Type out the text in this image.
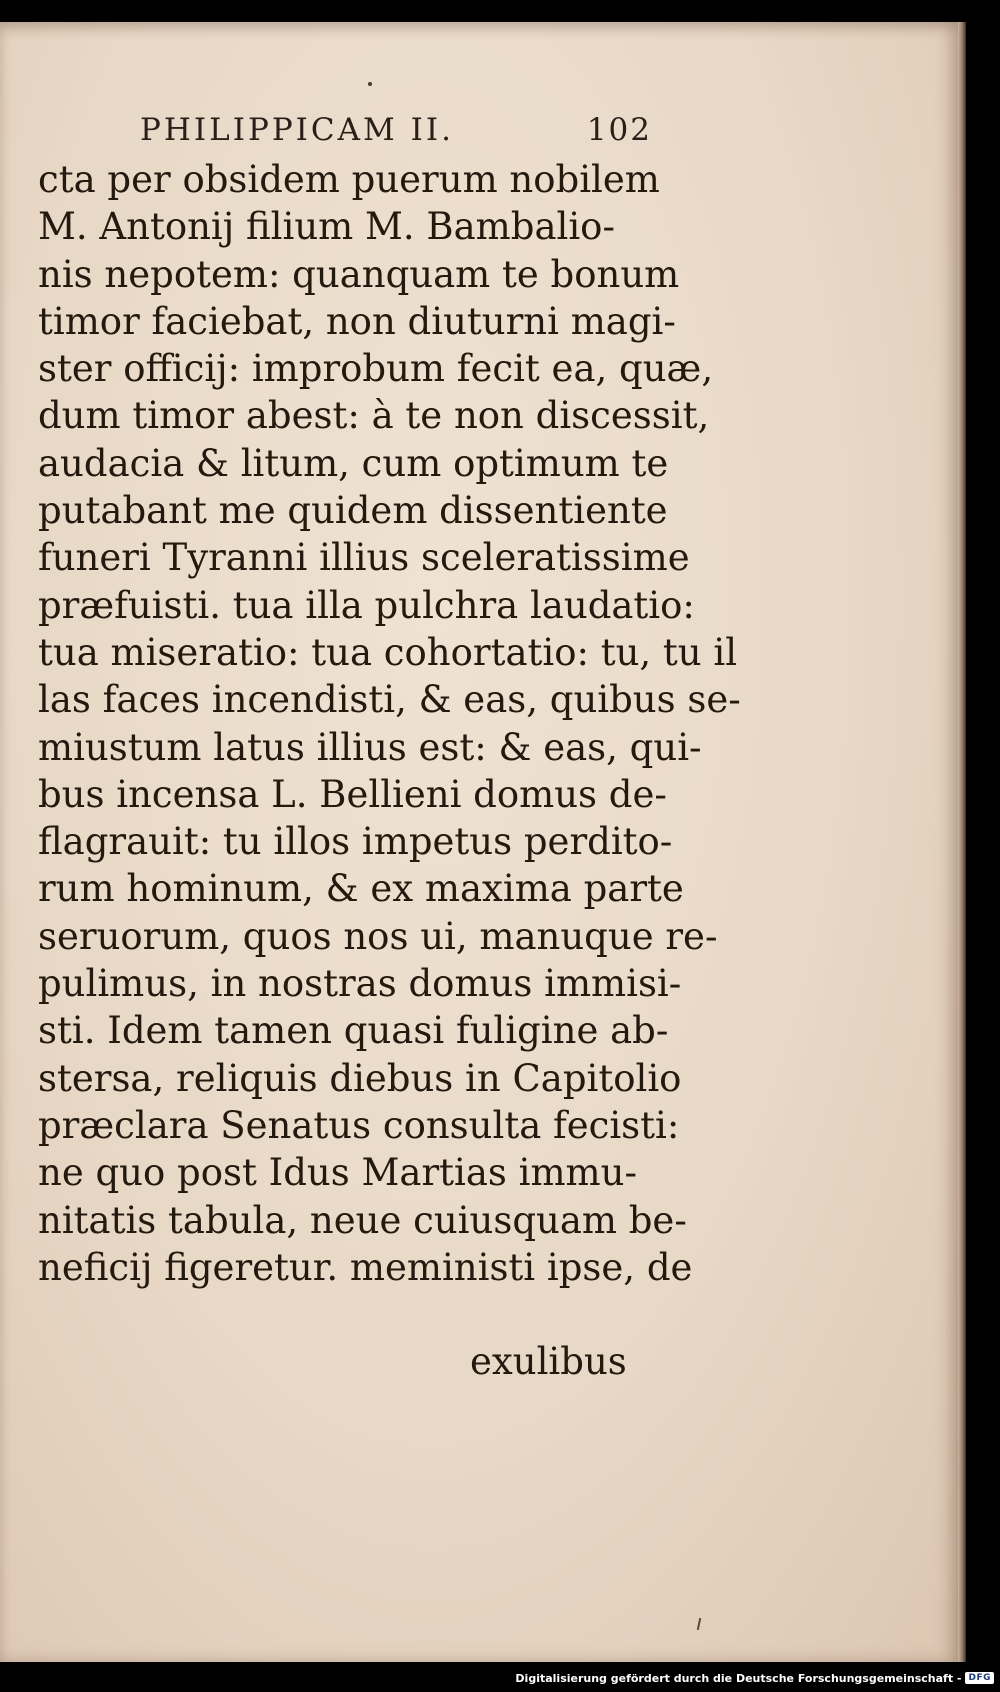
PHILIPPICAM II.	102
cta per obsidem puerum nobilem
M. Antonij filium M. Bambalio-
nis nepotem: quanquam te bonum
timor faciebat, non diuturni magi-
ster officij: improbum fecit ea, quæ,
dum timor abest: à te non discessit,
audacia & litum, cum optimum te
putabant me quidem dissentiente
funeri Tyranni illius sceleratissime
præfuisti. tua illa pulchra laudatio:
tua miseratio: tua cohortatio: tu, tu il
las faces incendisti, & eas, quibus se-
miustum latus illius est: & eas, qui-
bus incensa L. Bellieni domus de-
flagrauit: tu illos impetus perdito-
rum hominum, & ex maxima parte
seruorum, quos nos ui, manuque re-
pulimus, in nostras domus immisi-
sti. Idem tamen quasi fuligine ab-
stersa, reliquis diebus in Capitolio
præclara Senatus consulta fecisti:
ne quo post Idus Martias immu-
nitatis tabula, neue cuiusquam be-
neficij figeretur. meministi ipse, de
exulibus
Digitalisierung gefördert durch die Deutsche Forschungsgemeinschaft - DFG
